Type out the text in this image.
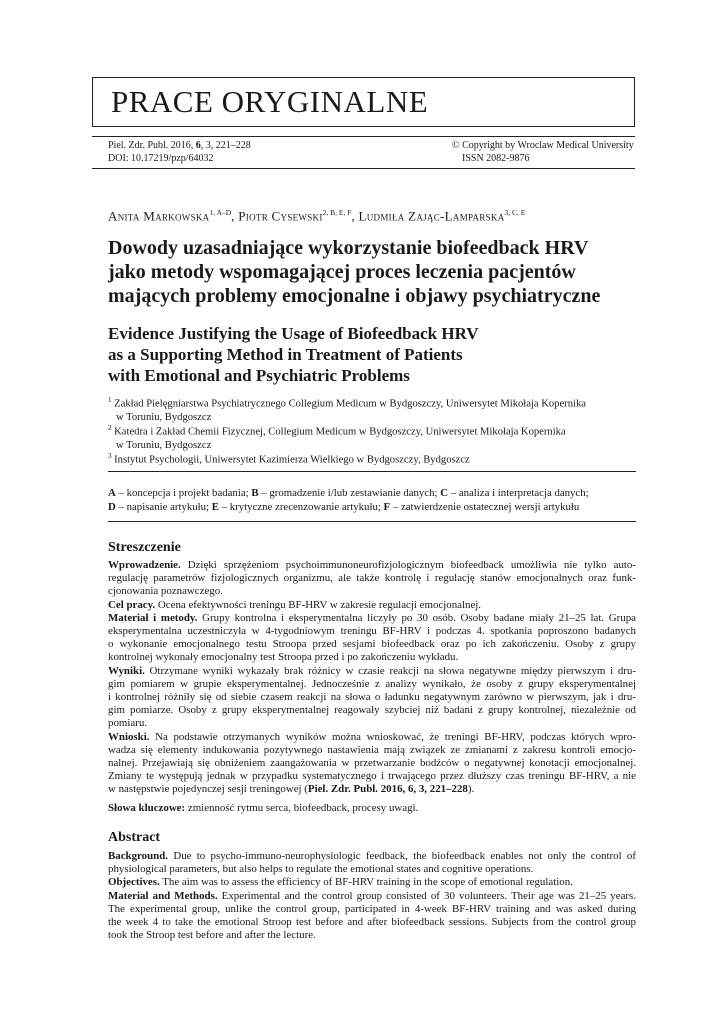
PRACE ORYGINALNE
Piel. Zdr. Publ. 2016, 6, 3, 221–228
DOI: 10.17219/pzp/64032
© Copyright by Wroclaw Medical University
ISSN 2082-9876
Anita Markowska$^{1, A-D}$, Piotr Cysewski$^{2, B, E, F}$, Ludmiła Zając-Lamparska$^{3, C, E}$
Dowody uzasadniające wykorzystanie biofeedback HRV
jako metody wspomagającej proces leczenia pacjentów
mających problemy emocjonalne i objawy psychiatryczne
Evidence Justifying the Usage of Biofeedback HRV
as a Supporting Method in Treatment of Patients
with Emotional and Psychiatric Problems
$^1$ Zakład Pielęgniarstwa Psychiatrycznego Collegium Medicum w Bydgoszczy, Uniwersytet Mikołaja Kopernika
w Toruniu, Bydgoszcz
$^2$ Katedra i Zakład Chemii Fizycznej, Collegium Medicum w Bydgoszczy, Uniwersytet Mikołaja Kopernika
w Toruniu, Bydgoszcz
$^3$ Instytut Psychologii, Uniwersytet Kazimierza Wielkiego w Bydgoszczy, Bydgoszcz
A – koncepcja i projekt badania; B – gromadzenie i/lub zestawianie danych; C – analiza i interpretacja danych;
D – napisanie artykułu; E – krytyczne zrecenzowanie artykułu; F – zatwierdzenie ostatecznej wersji artykułu
Streszczenie

Wprowadzenie. Dzięki sprzężeniom psychoimmunoneurofizjologicznym biofeedback umożliwia nie tylko auto-
regulację parametrów fizjologicznych organizmu, ale także kontrolę i regulację stanów emocjonalnych oraz funk-
cjonowania poznawczego.

Cel pracy. Ocena efektywności treningu BF-HRV w zakresie regulacji emocjonalnej.

Materiał i metody. Grupy kontrolna i eksperymentalna liczyły po 30 osób. Osoby badane miały 21–25 lat. Grupa
eksperymentalna uczestniczyła w 4-tygodniowym treningu BF-HRV i podczas 4. spotkania poproszono badanych
o wykonanie emocjonalnego testu Stroopa przed sesjami biofeedback oraz po ich zakończeniu. Osoby z grupy
kontrolnej wykonały emocjonalny test Stroopa przed i po zakończeniu wykładu.

Wyniki. Otrzymane wyniki wykazały brak różnicy w czasie reakcji na słowa negatywne między pierwszym i dru-
gim pomiarem w grupie eksperymentalnej. Jednocześnie z analizy wynikało, że osoby z grupy eksperymentalnej
i kontrolnej różniły się od siebie czasem reakcji na słowa o ładunku negatywnym zarówno w pierwszym, jak i dru-
gim pomiarze. Osoby z grupy eksperymentalnej reagowały szybciej niż badani z grupy kontrolnej, niezależnie od
pomiaru.

Wnioski. Na podstawie otrzymanych wyników można wnioskować, że treningi BF-HRV, podczas których wpro-
wadza się elementy indukowania pozytywnego nastawienia mają związek ze zmianami z zakresu kontroli emocjo-
nalnej. Przejawiają się obniżeniem zaangażowania w przetwarzanie bodźców o negatywnej konotacji emocjonalnej.
Zmiany te występują jednak w przypadku systematycznego i trwającego przez dłuższy czas treningu BF-HRV, a nie
w następstwie pojedynczej sesji treningowej (Piel. Zdr. Publ. 2016, 6, 3, 221–228).

Słowa kluczowe: zmienność rytmu serca, biofeedback, procesy uwagi.
Abstract

Background. Due to psycho-immuno-neurophysiologic feedback, the biofeedback enables not only the control of
physiological parameters, but also helps to regulate the emotional states and cognitive operations.

Objectives. The aim was to assess the efficiency of BF-HRV training in the scope of emotional regulation.

Material and Methods. Experimental and the control group consisted of 30 volunteers. Their age was 21–25 years.
The experimental group, unlike the control group, participated in 4-week BF-HRV training and was asked during
the week 4 to take the emotional Stroop test before and after biofeedback sessions. Subjects from the control group
took the Stroop test before and after the lecture.
